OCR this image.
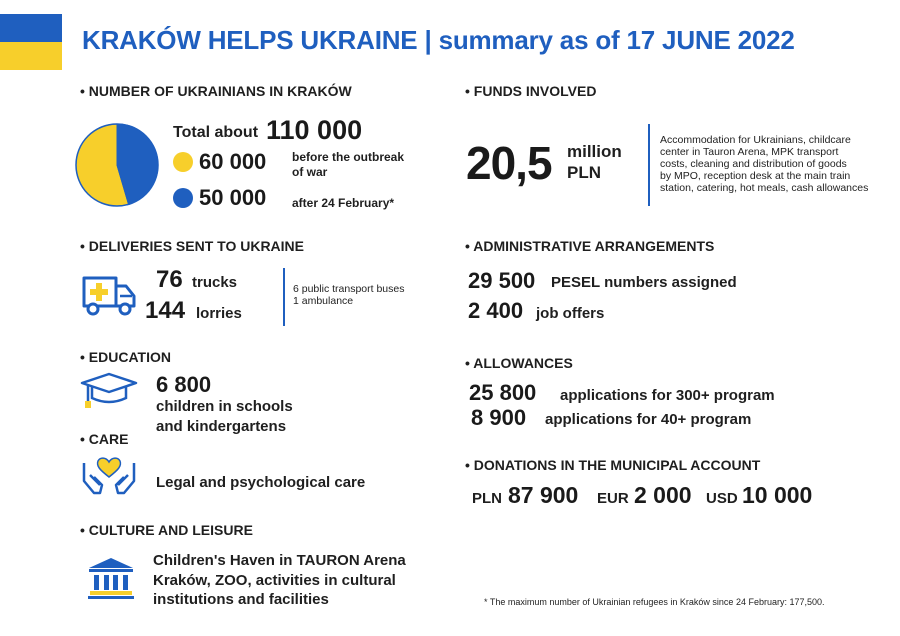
KRAKÓW HELPS UKRAINE | summary as of 17 JUNE 2022
• NUMBER OF UKRAINIANS IN KRAKÓW
Total about 110 000
60 000 before the outbreak
of war
50 000 after 24 February*
• DELIVERIES SENT TO UKRAINE
76 trucks
144 lorries
6 public transport buses
1 ambulance
• EDUCATION
6 800
children in schools
and kindergartens
• CARE
Legal and psychological care
• CULTURE AND LEISURE
Children's Haven in TAURON Arena
Kraków, ZOO, activities in cultural
institutions and facilities
• FUNDS INVOLVED
20,5 million
PLN
Accommodation for Ukrainians, childcare
center in Tauron Arena, MPK transport
costs, cleaning and distribution of goods
by MPO, reception desk at the main train
station, catering, hot meals, cash allowances
• ADMINISTRATIVE ARRANGEMENTS
29 500 PESEL numbers assigned
2 400 job offers
• ALLOWANCES
25 800 applications for 300+ program
8 900 applications for 40+ program
• DONATIONS IN THE MUNICIPAL ACCOUNT
PLN 87 900 EUR 2 000 USD 10 000
* The maximum number of Ukrainian refugees in Kraków since 24 February: 177,500.
